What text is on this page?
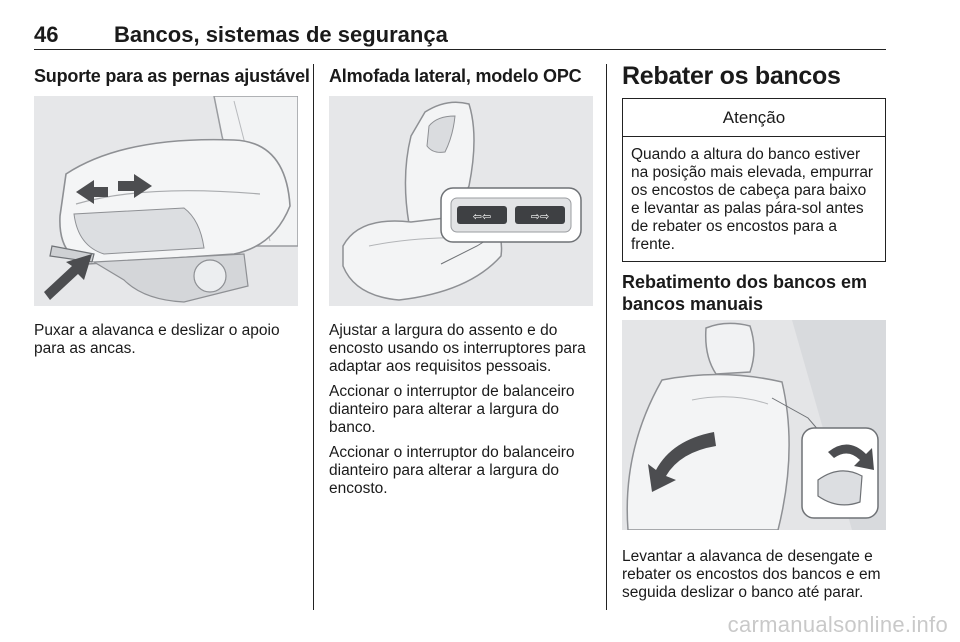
46	Bancos, sistemas de segurança
Suporte para as pernas ajustável

Puxar a alavanca e deslizar o apoio para as ancas.

Almofada lateral, modelo OPC
⇦⇦	⇨⇨

Ajustar a largura do assento e do encosto usando os interruptores para adaptar aos requisitos pessoais.

Accionar o interruptor de balanceiro dianteiro para alterar a largura do banco.

Accionar o interruptor do balanceiro dianteiro para alterar a largura do encosto.

Rebater os bancos
Atenção
Quando a altura do banco estiver na posição mais elevada, empurrar os encostos de cabeça para baixo e levantar as palas pára-sol antes de rebater os encostos para a frente.
Rebatimento dos bancos em bancos manuais

Levantar a alavanca de desengate e rebater os encostos dos bancos e em seguida deslizar o banco até parar.

carmanualsonline.info
